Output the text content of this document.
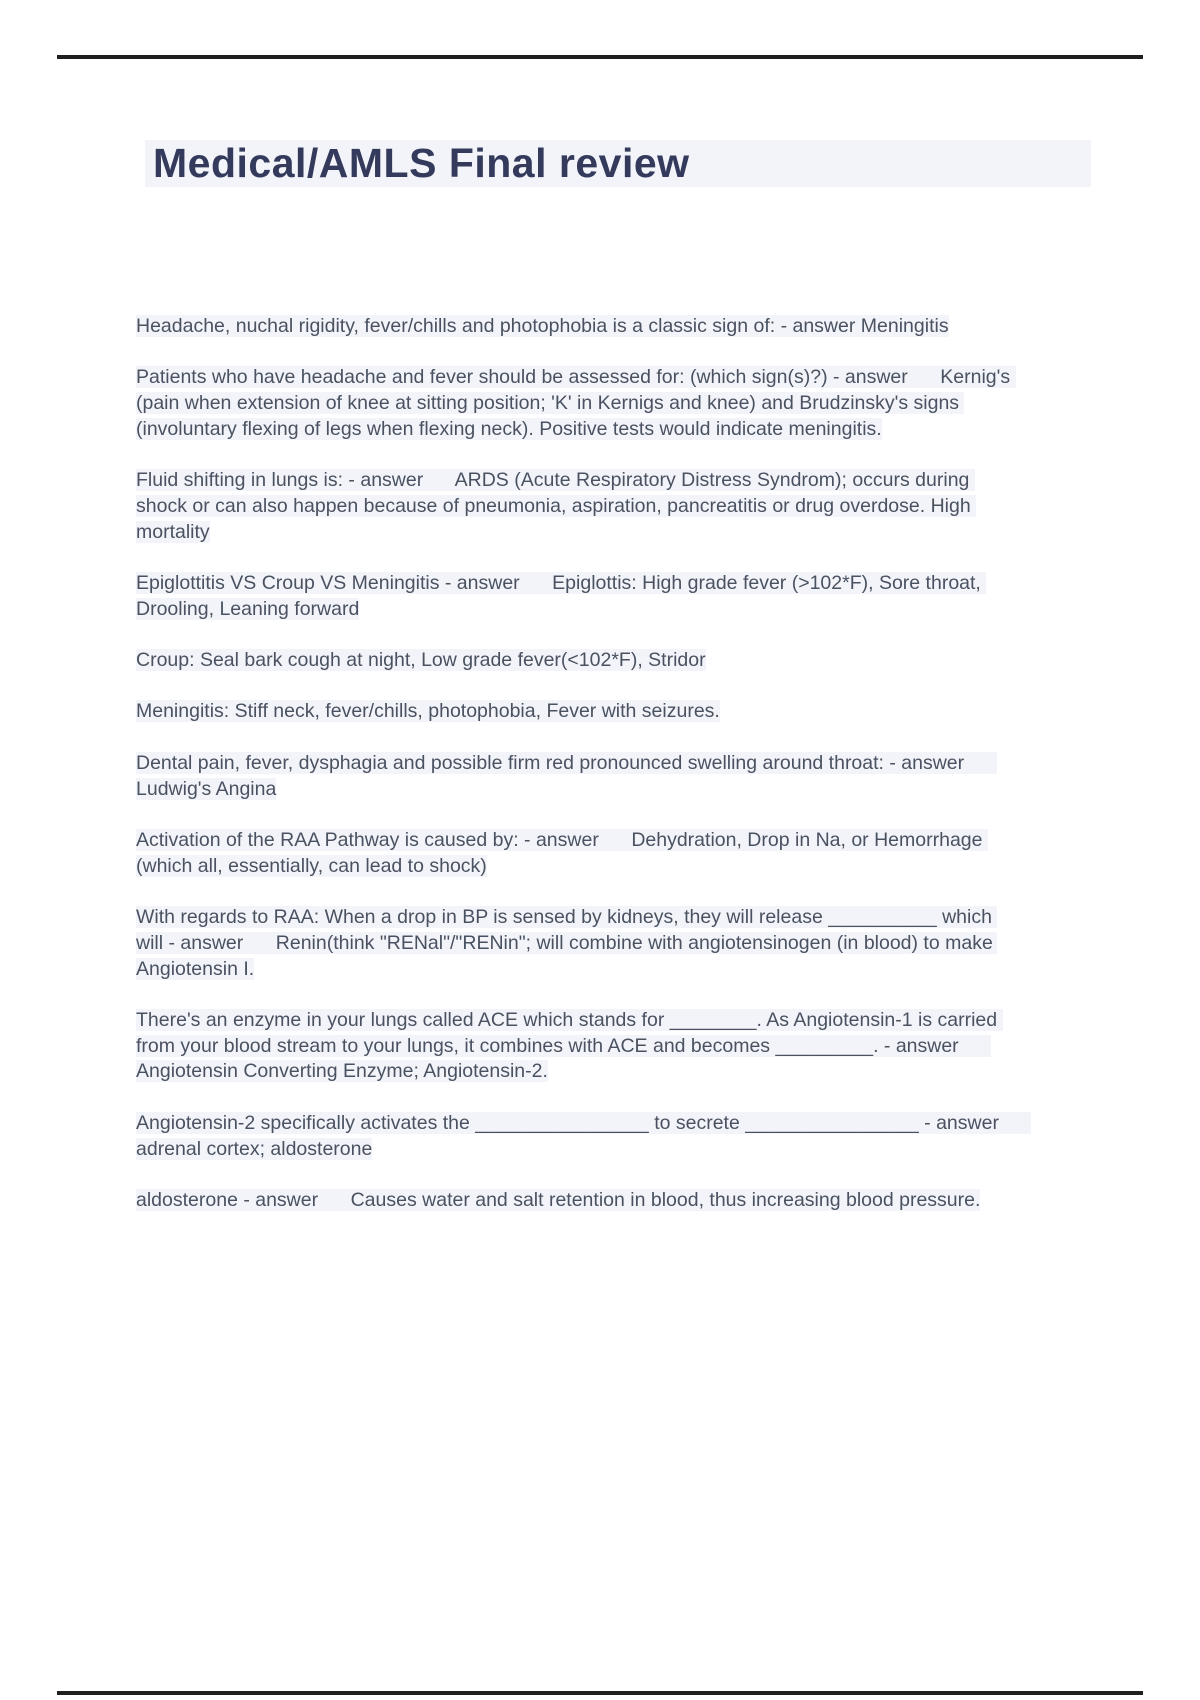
Medical/AMLS Final review

Headache, nuchal rigidity, fever/chills and photophobia is a classic sign of: - answer Meningitis

Patients who have headache and fever should be assessed for: (which sign(s)?) - answer      Kernig's (pain when extension of knee at sitting position; 'K' in Kernigs and knee) and Brudzinsky's signs (involuntary flexing of legs when flexing neck). Positive tests would indicate meningitis.

Fluid shifting in lungs is: - answer      ARDS (Acute Respiratory Distress Syndrom); occurs during shock or can also happen because of pneumonia, aspiration, pancreatitis or drug overdose. High mortality

Epiglottitis VS Croup VS Meningitis - answer      Epiglottis: High grade fever (>102*F), Sore throat, Drooling, Leaning forward

Croup: Seal bark cough at night, Low grade fever(<102*F), Stridor

Meningitis: Stiff neck, fever/chills, photophobia, Fever with seizures.

Dental pain, fever, dysphagia and possible firm red pronounced swelling around throat: - answer      Ludwig's Angina

Activation of the RAA Pathway is caused by: - answer      Dehydration, Drop in Na, or Hemorrhage (which all, essentially, can lead to shock)

With regards to RAA: When a drop in BP is sensed by kidneys, they will release __________ which will - answer      Renin(think "RENal"/"RENin"; will combine with angiotensinogen (in blood) to make Angiotensin I.

There's an enzyme in your lungs called ACE which stands for ________. As Angiotensin-1 is carried from your blood stream to your lungs, it combines with ACE and becomes _________. - answer      Angiotensin Converting Enzyme; Angiotensin-2.

Angiotensin-2 specifically activates the ________________ to secrete ________________ - answer      adrenal cortex; aldosterone

aldosterone - answer      Causes water and salt retention in blood, thus increasing blood pressure.
